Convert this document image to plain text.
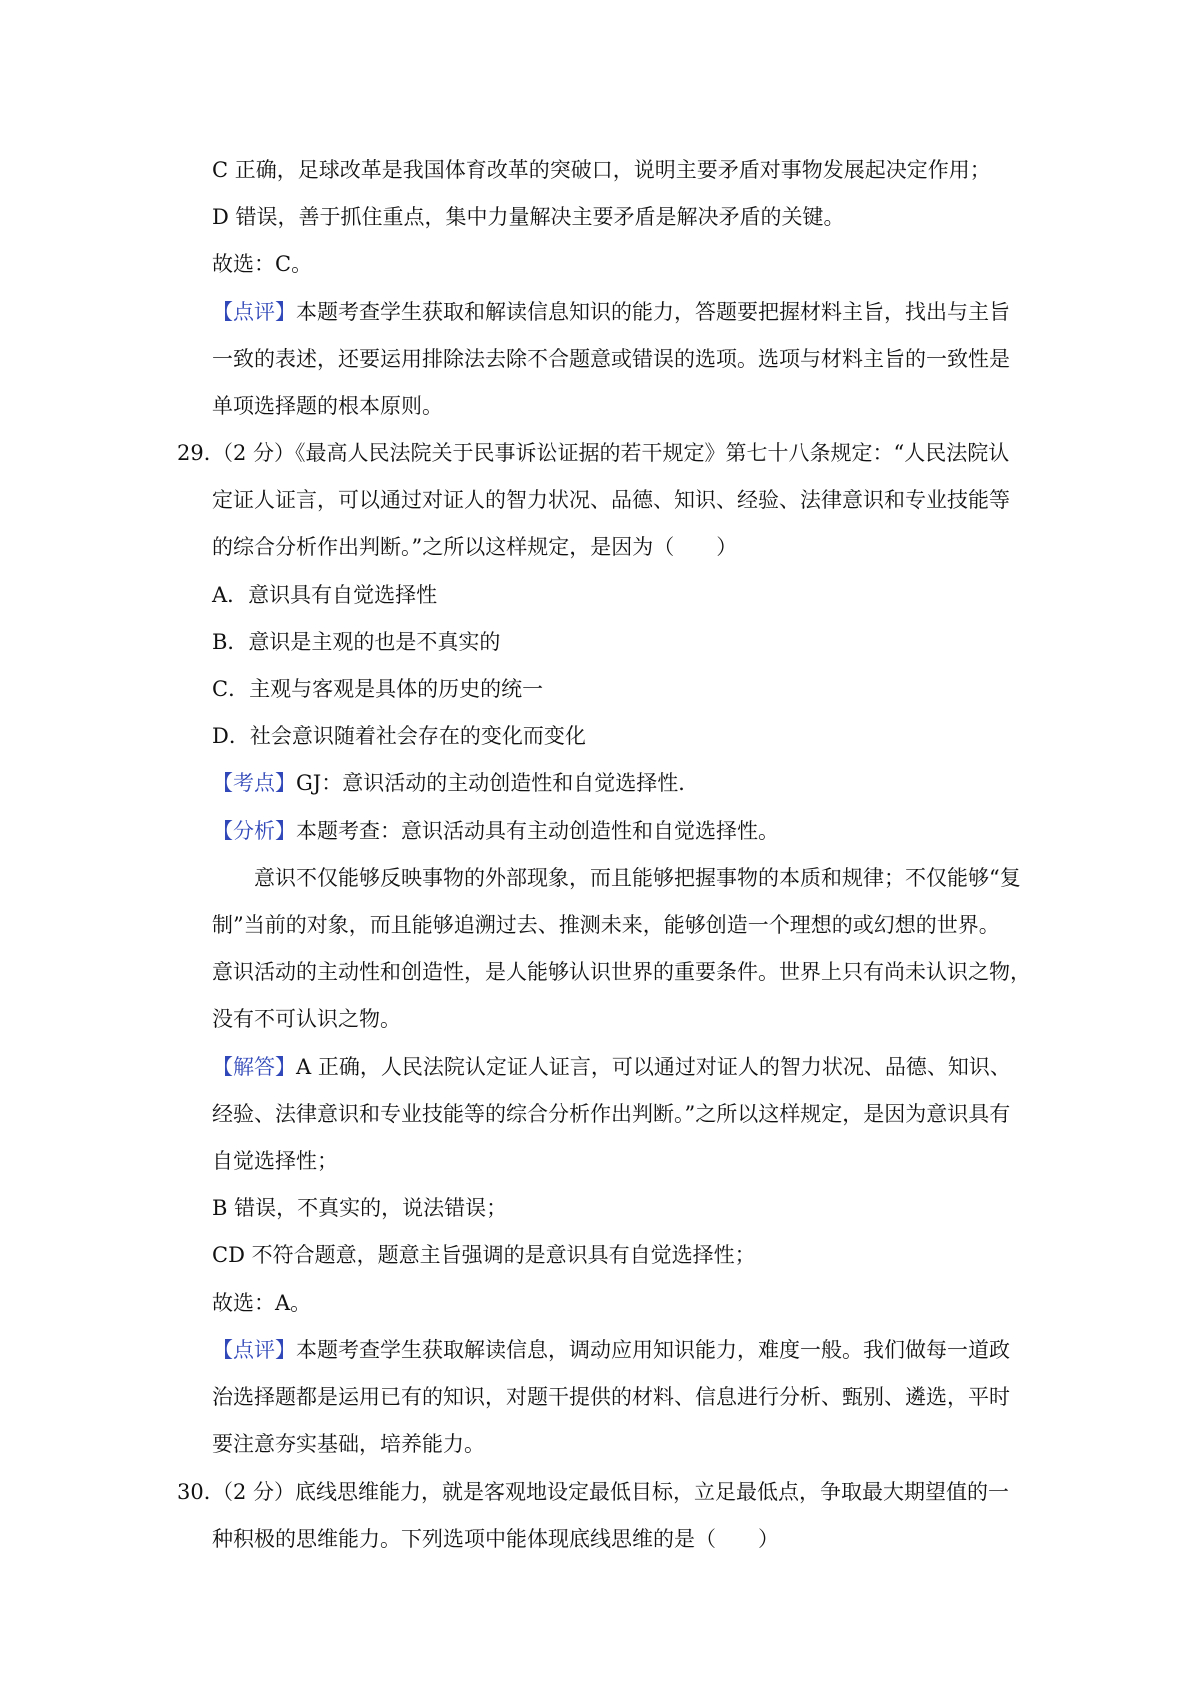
C 正确，足球改革是我国体育改革的突破口，说明主要矛盾对事物发展起决定作用；
D 错误，善于抓住重点，集中力量解决主要矛盾是解决矛盾的关键。
故选：C。
【点评】本题考查学生获取和解读信息知识的能力，答题要把握材料主旨，找出与主旨
一致的表述，还要运用排除法去除不合题意或错误的选项。选项与材料主旨的一致性是
单项选择题的根本原则。
29．
（2 分）《最高人民法院关于民事诉讼证据的若干规定》第七十八条规定：“人民法院认
定证人证言，可以通过对证人的智力状况、品德、知识、经验、法律意识和专业技能等
的综合分析作出判断。”之所以这样规定，是因为（　　）
A．意识具有自觉选择性
B．意识是主观的也是不真实的
C．主观与客观是具体的历史的统一
D．社会意识随着社会存在的变化而变化
【考点】GJ：意识活动的主动创造性和自觉选择性．
【分析】本题考查：意识活动具有主动创造性和自觉选择性。
意识不仅能够反映事物的外部现象，而且能够把握事物的本质和规律；不仅能够“复
制”当前的对象，而且能够追溯过去、推测未来，能够创造一个理想的或幻想的世界。
意识活动的主动性和创造性，是人能够认识世界的重要条件。世界上只有尚未认识之物，
没有不可认识之物。
【解答】A 正确，人民法院认定证人证言，可以通过对证人的智力状况、品德、知识、
经验、法律意识和专业技能等的综合分析作出判断。”之所以这样规定，是因为意识具有
自觉选择性；
B 错误，不真实的，说法错误；
CD 不符合题意，题意主旨强调的是意识具有自觉选择性；
故选：A。
【点评】本题考查学生获取解读信息，调动应用知识能力，难度一般。我们做每一道政
治选择题都是运用已有的知识，对题干提供的材料、信息进行分析、甄别、遴选，平时
要注意夯实基础，培养能力。
30．
（2 分）底线思维能力，就是客观地设定最低目标，立足最低点，争取最大期望值的一
种积极的思维能力。下列选项中能体现底线思维的是（　　）
